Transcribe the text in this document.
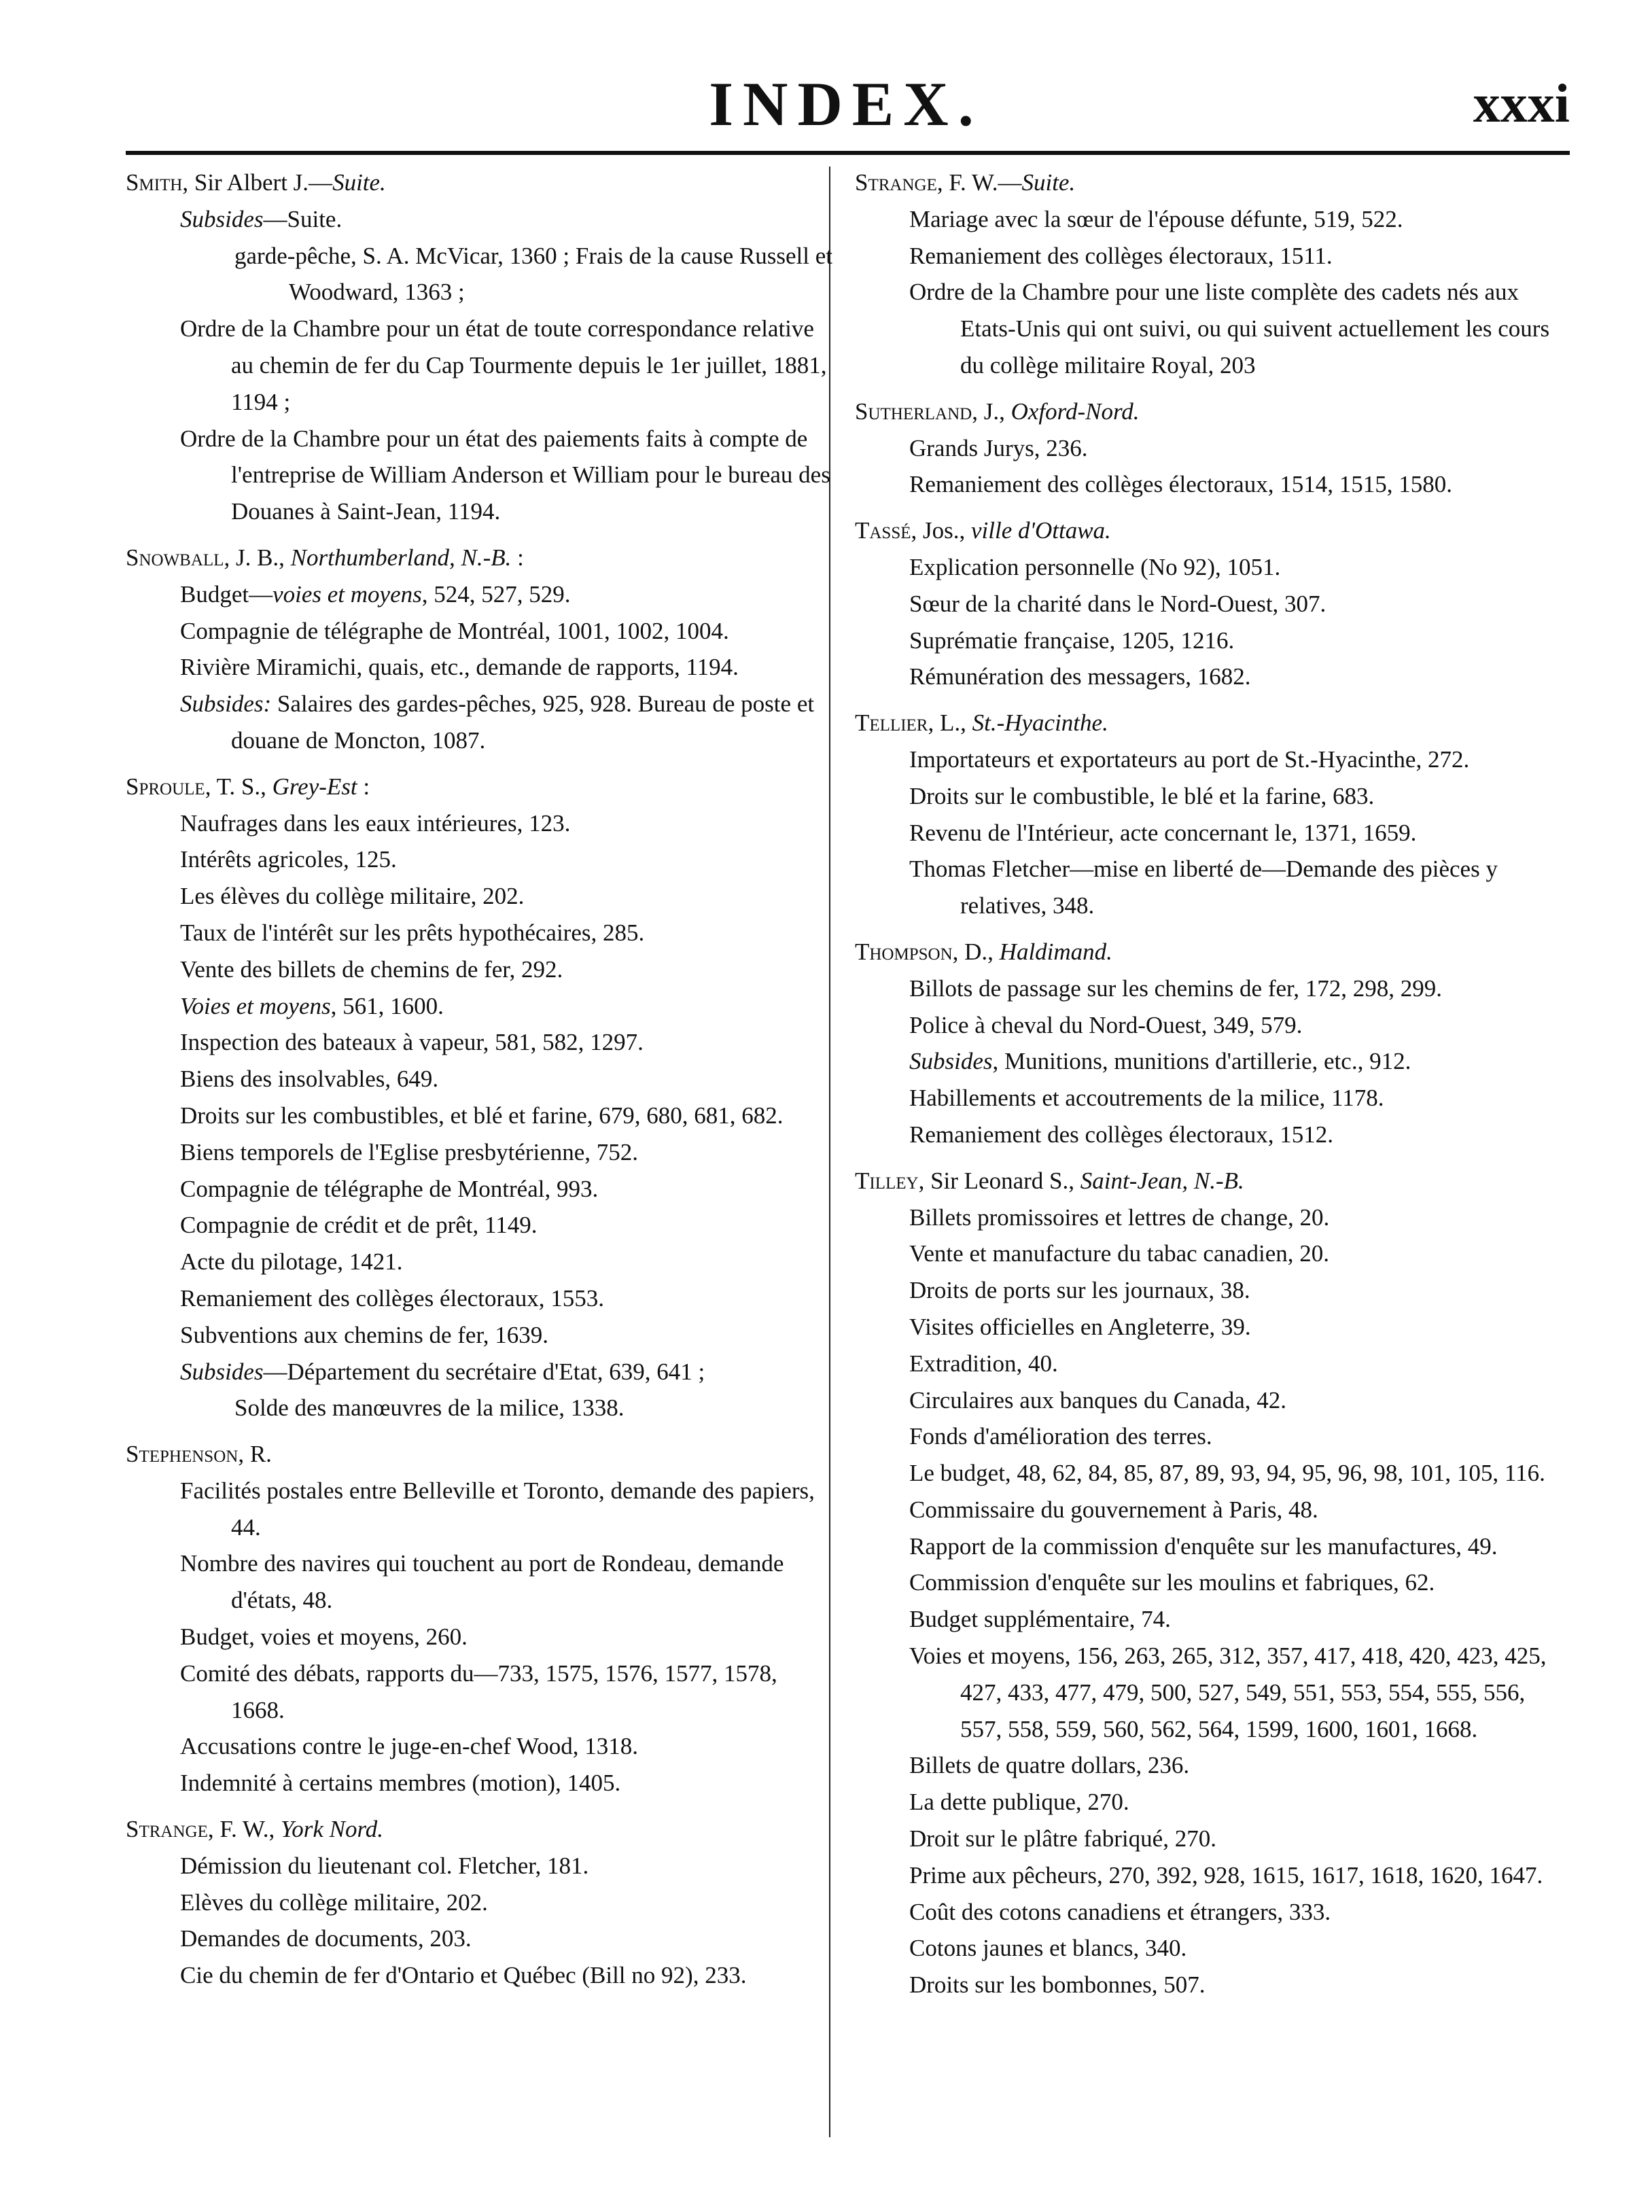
INDEX.	xxxi
Smith, Sir Albert J.—Suite.
Subsides—Suite.
garde-pêche, S. A. McVicar, 1360 ; Frais de la cause Russell et Woodward, 1363 ;
Ordre de la Chambre pour un état de toute correspondance relative au chemin de fer du Cap Tourmente depuis le 1er juillet, 1881, 1194 ;
Ordre de la Chambre pour un état des paiements faits à compte de l'entreprise de William Anderson et William pour le bureau des Douanes à Saint-Jean, 1194.
Snowball, J. B., Northumberland, N.-B. :
Budget—voies et moyens, 524, 527, 529.
Compagnie de télégraphe de Montréal, 1001, 1002, 1004.
Rivière Miramichi, quais, etc., demande de rapports, 1194.
Subsides: Salaires des gardes-pêches, 925, 928. Bureau de poste et douane de Moncton, 1087.
Sproule, T. S., Grey-Est :
Naufrages dans les eaux intérieures, 123.
Intérêts agricoles, 125.
Les élèves du collège militaire, 202.
Taux de l'intérêt sur les prêts hypothécaires, 285.
Vente des billets de chemins de fer, 292.
Voies et moyens, 561, 1600.
Inspection des bateaux à vapeur, 581, 582, 1297.
Biens des insolvables, 649.
Droits sur les combustibles, et blé et farine, 679, 680, 681, 682.
Biens temporels de l'Eglise presbytérienne, 752.
Compagnie de télégraphe de Montréal, 993.
Compagnie de crédit et de prêt, 1149.
Acte du pilotage, 1421.
Remaniement des collèges électoraux, 1553.
Subventions aux chemins de fer, 1639.
Subsides—Département du secrétaire d'Etat, 639, 641 ;
Solde des manœuvres de la milice, 1338.
Stephenson, R.
Facilités postales entre Belleville et Toronto, demande des papiers, 44.
Nombre des navires qui touchent au port de Rondeau, demande d'états, 48.
Budget, voies et moyens, 260.
Comité des débats, rapports du—733, 1575, 1576, 1577, 1578, 1668.
Accusations contre le juge-en-chef Wood, 1318.
Indemnité à certains membres (motion), 1405.
Strange, F. W., York Nord.
Démission du lieutenant col. Fletcher, 181.
Elèves du collège militaire, 202.
Demandes de documents, 203.
Cie du chemin de fer d'Ontario et Québec (Bill no 92), 233.
Strange, F. W.—Suite.
Mariage avec la sœur de l'épouse défunte, 519, 522.
Remaniement des collèges électoraux, 1511.
Ordre de la Chambre pour une liste complète des cadets nés aux Etats-Unis qui ont suivi, ou qui suivent actuellement les cours du collège militaire Royal, 203
Sutherland, J., Oxford-Nord.
Grands Jurys, 236.
Remaniement des collèges électoraux, 1514, 1515, 1580.
Tassé, Jos., ville d'Ottawa.
Explication personnelle (No 92), 1051.
Sœur de la charité dans le Nord-Ouest, 307.
Suprématie française, 1205, 1216.
Rémunération des messagers, 1682.
Tellier, L., St.-Hyacinthe.
Importateurs et exportateurs au port de St.-Hyacinthe, 272.
Droits sur le combustible, le blé et la farine, 683.
Revenu de l'Intérieur, acte concernant le, 1371, 1659.
Thomas Fletcher—mise en liberté de—Demande des pièces y relatives, 348.
Thompson, D., Haldimand.
Billots de passage sur les chemins de fer, 172, 298, 299.
Police à cheval du Nord-Ouest, 349, 579.
Subsides, Munitions, munitions d'artillerie, etc., 912.
Habillements et accoutrements de la milice, 1178.
Remaniement des collèges électoraux, 1512.
Tilley, Sir Leonard S., Saint-Jean, N.-B.
Billets promissoires et lettres de change, 20.
Vente et manufacture du tabac canadien, 20.
Droits de ports sur les journaux, 38.
Visites officielles en Angleterre, 39.
Extradition, 40.
Circulaires aux banques du Canada, 42.
Fonds d'amélioration des terres.
Le budget, 48, 62, 84, 85, 87, 89, 93, 94, 95, 96, 98, 101, 105, 116.
Commissaire du gouvernement à Paris, 48.
Rapport de la commission d'enquête sur les manufactures, 49.
Commission d'enquête sur les moulins et fabriques, 62.
Budget supplémentaire, 74.
Voies et moyens, 156, 263, 265, 312, 357, 417, 418, 420, 423, 425, 427, 433, 477, 479, 500, 527, 549, 551, 553, 554, 555, 556, 557, 558, 559, 560, 562, 564, 1599, 1600, 1601, 1668.
Billets de quatre dollars, 236.
La dette publique, 270.
Droit sur le plâtre fabriqué, 270.
Prime aux pêcheurs, 270, 392, 928, 1615, 1617, 1618, 1620, 1647.
Coût des cotons canadiens et étrangers, 333.
Cotons jaunes et blancs, 340.
Droits sur les bombonnes, 507.
